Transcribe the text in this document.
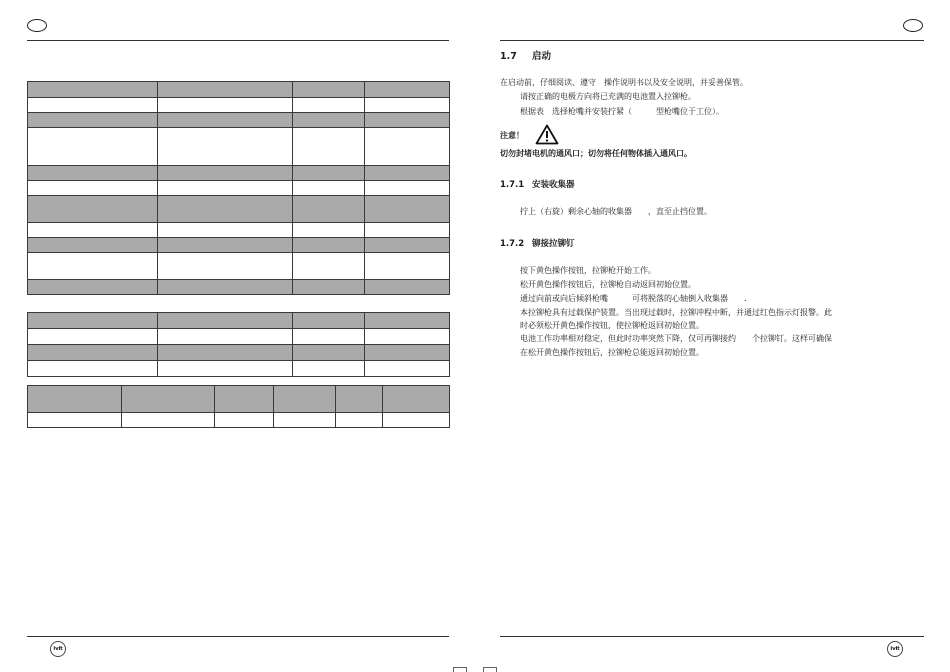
ivit
1.7 启动
在启动前，仔细阅读、遵守　操作说明书以及安全说明，并妥善保管。
请按正确的电极方向将已充满的电池置入拉铆枪。
根据表　选择枪嘴并安装拧紧（　　　型枪嘴位于工位）。
注意！
切勿封堵电机的通风口；切勿将任何物体插入通风口。
1.7.1 安装收集器
拧上（右旋）剩余心轴的收集器　　，直至止挡位置。
1.7.2 铆接拉铆钉
按下黄色操作按钮，拉铆枪开始工作。
松开黄色操作按钮后，拉铆枪自动返回初始位置。
通过向前或向后倾斜枪嘴　　　可将脱落的心轴倒入收集器　　．
本拉铆枪具有过载保护装置。当出现过载时，拉铆冲程中断，并通过红色指示灯报警。此
时必须松开黄色操作按钮，使拉铆枪返回初始位置。
电池工作功率相对稳定，但此时功率突然下降，仅可再铆接约　　个拉铆钉。这样可确保
在松开黄色操作按钮后，拉铆枪总能返回初始位置。
ivit
